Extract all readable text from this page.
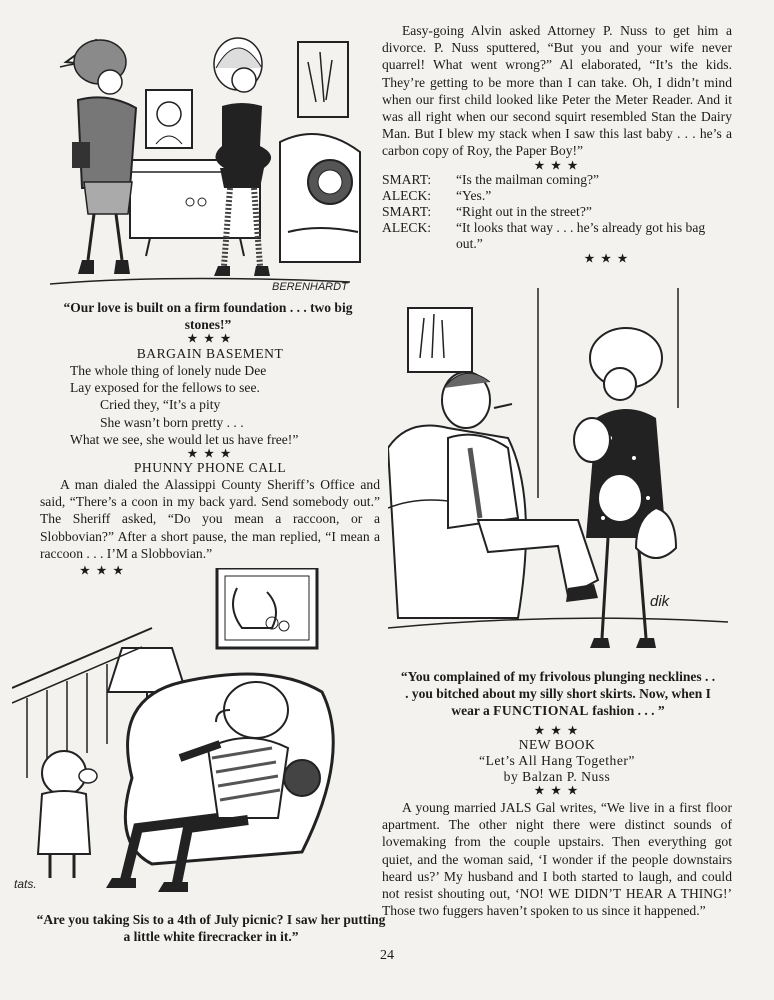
BERENHARDT
“Our love is built on a firm foundation . . . two big stones!”
★ ★ ★
BARGAIN BASEMENT
The whole thing of lonely nude Dee
Lay exposed for the fellows to see.
Cried they, “It’s a pity
She wasn’t born pretty . . .
What we see, she would let us have free!”
★ ★ ★
PHUNNY PHONE CALL
A man dialed the Alassippi County Sheriff’s Office and said, “There’s a coon in my back yard. Send somebody out.” The Sheriff asked, “Do you mean a raccoon, or a Slobbovian?” After a short pause, the man replied, “I mean a raccoon . . . I’M a Slobbovian.”
★ ★ ★
tats.
“Are you taking Sis to a 4th of July picnic? I saw her putting a little white firecracker in it.”
Easy-going Alvin asked Attorney P. Nuss to get him a divorce. P. Nuss sputtered, “But you and your wife never quarrel! What went wrong?” Al elaborated, “It’s the kids. They’re getting to be more than I can take. Oh, I didn’t mind when our first child looked like Peter the Meter Reader. And it was all right when our second squirt resembled Stan the Dairy Man. But I blew my stack when I saw this last baby . . . he’s a carbon copy of Roy, the Paper Boy!”
★ ★ ★
SMART:	“Is the mailman coming?”
ALECK:	“Yes.”
SMART:	“Right out in the street?”
ALECK:	“It looks that way . . . he’s already got his bag out.”
★ ★ ★
dik
“You complained of my frivolous plunging necklines . . . you bitched about my silly short skirts. Now, when I wear a FUNCTIONAL fashion . . . ”
★ ★ ★
NEW BOOK
“Let’s All Hang Together”
by Balzan P. Nuss
★ ★ ★
A young married JALS Gal writes, “We live in a first floor apartment. The other night there were distinct sounds of lovemaking from the couple upstairs. Then everything got quiet, and the woman said, ‘I wonder if the people downstairs heard us?’ My husband and I both started to laugh, and could not resist shouting out, ‘NO! WE DIDN’T HEAR A THING!’ Those two fuggers haven’t spoken to us since it happened.”
24
